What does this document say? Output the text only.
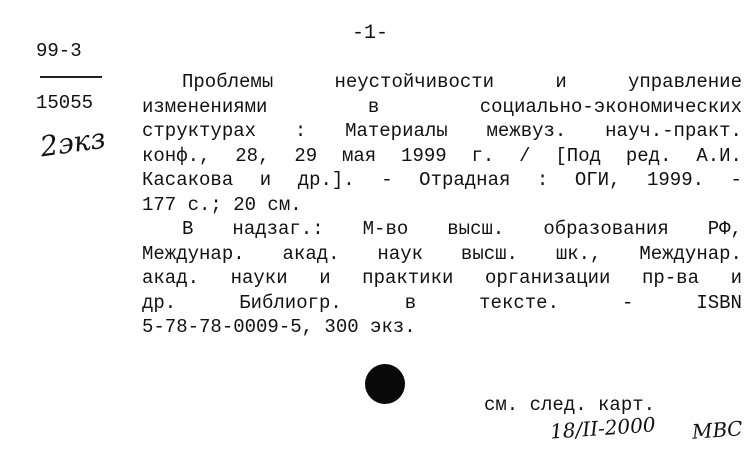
-1-
99-3
15055
2экз
Проблемы	неустойчивости	и	управление
изменениями	в	социально-экономических
структурах : Материалы межвуз. науч.-практ.
конф., 28, 29 мая 1999 г. / [Под ред. А.И.
Касакова и др.]. - Отрадная : ОГИ, 1999. -
177 с.; 20 см.
В надзаг.: М-во высш. образования РФ,
Междунар. акад. наук высш. шк., Междунар.
акад. науки и практики организации пр-ва и
др.	Библиогр.	в	тексте.	-	ISBN
5-78-78-0009-5, 300 экз.
см. след. карт.
18/II-2000 МВС
